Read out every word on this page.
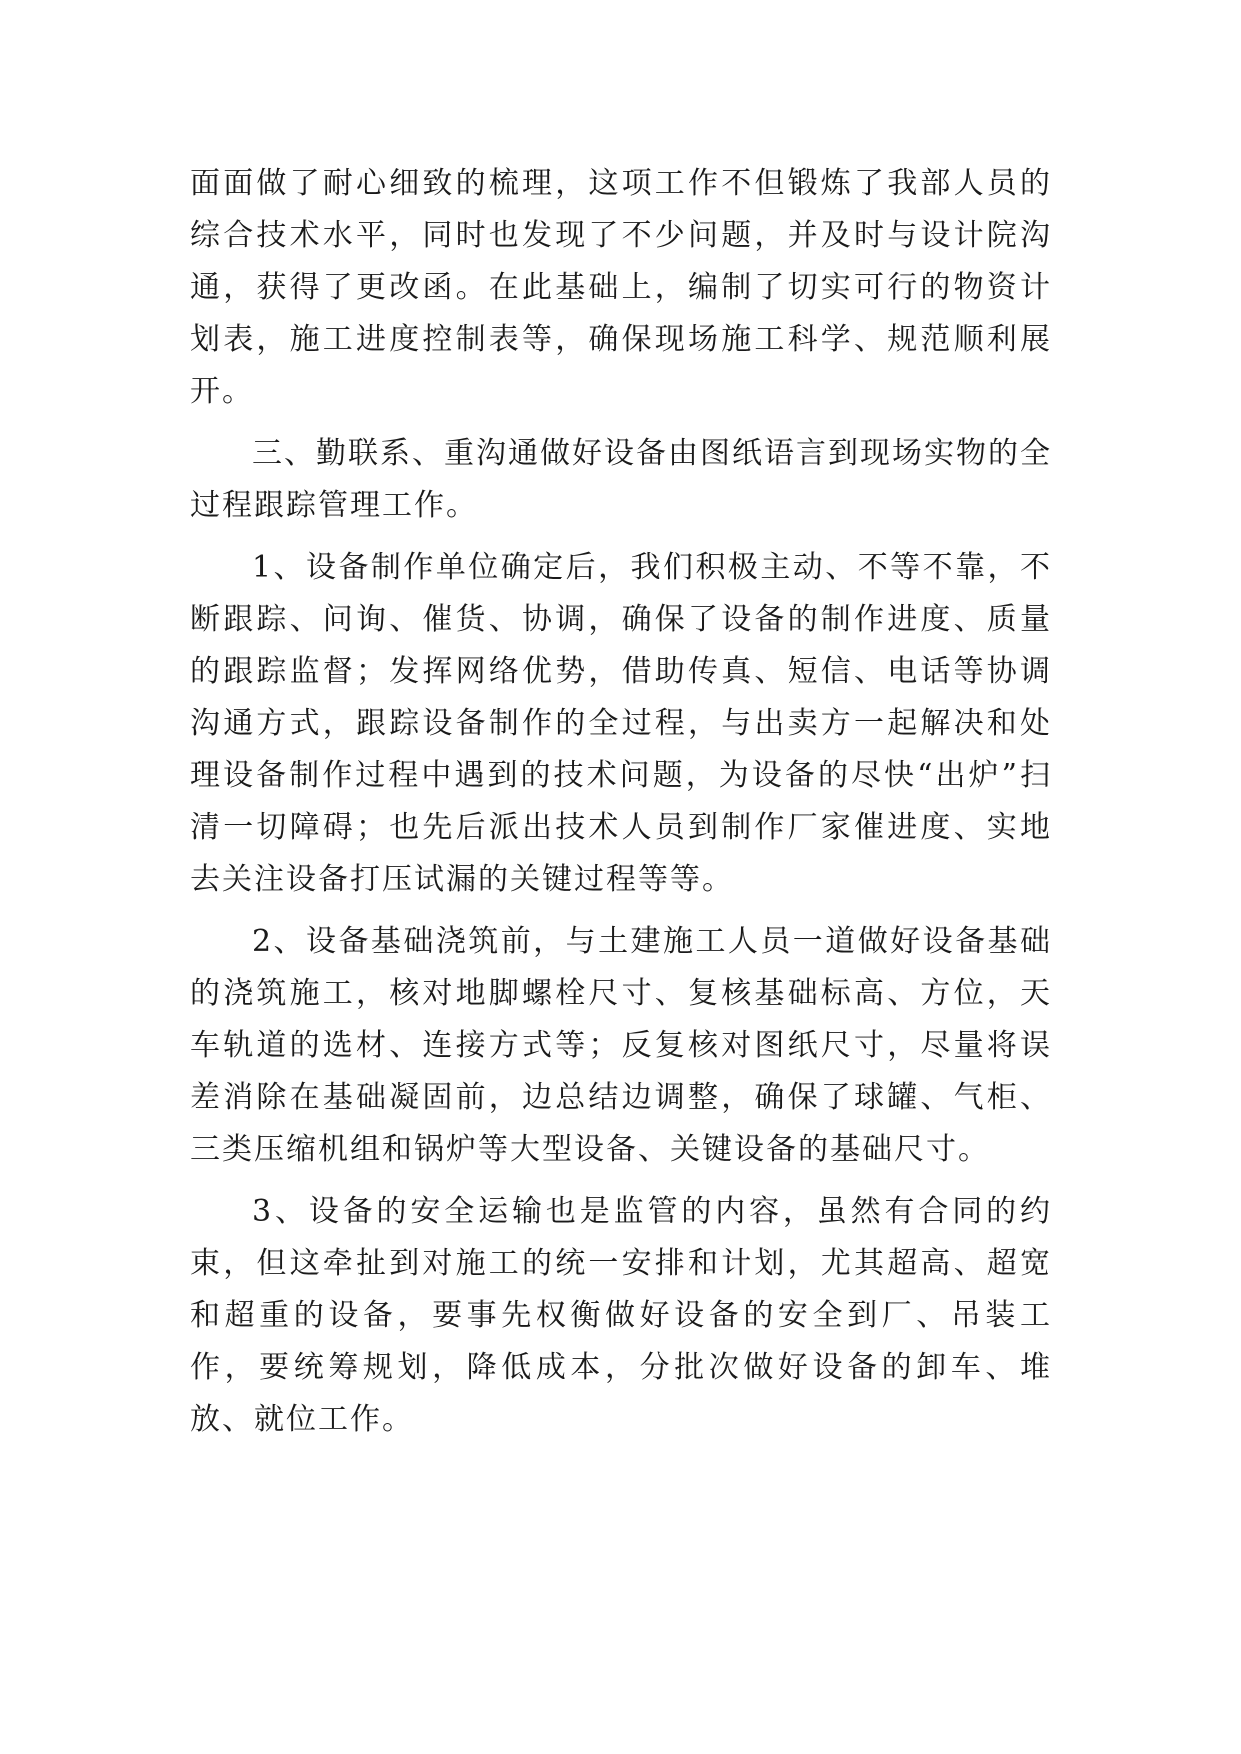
面面做了耐心细致的梳理，这项工作不但锻炼了我部人员的综合技术水平，同时也发现了不少问题，并及时与设计院沟通，获得了更改函。在此基础上，编制了切实可行的物资计划表，施工进度控制表等，确保现场施工科学、规范顺利展开。

三、勤联系、重沟通做好设备由图纸语言到现场实物的全过程跟踪管理工作。

1、设备制作单位确定后，我们积极主动、不等不靠，不断跟踪、问询、催货、协调，确保了设备的制作进度、质量的跟踪监督；发挥网络优势，借助传真、短信、电话等协调沟通方式，跟踪设备制作的全过程，与出卖方一起解决和处理设备制作过程中遇到的技术问题，为设备的尽快“出炉”扫清一切障碍；也先后派出技术人员到制作厂家催进度、实地去关注设备打压试漏的关键过程等等。

2、设备基础浇筑前，与土建施工人员一道做好设备基础的浇筑施工，核对地脚螺栓尺寸、复核基础标高、方位，天车轨道的选材、连接方式等；反复核对图纸尺寸，尽量将误差消除在基础凝固前，边总结边调整，确保了球罐、气柜、三类压缩机组和锅炉等大型设备、关键设备的基础尺寸。

3、设备的安全运输也是监管的内容，虽然有合同的约束，但这牵扯到对施工的统一安排和计划，尤其超高、超宽和超重的设备，要事先权衡做好设备的安全到厂、吊装工作，要统筹规划，降低成本，分批次做好设备的卸车、堆放、就位工作。
